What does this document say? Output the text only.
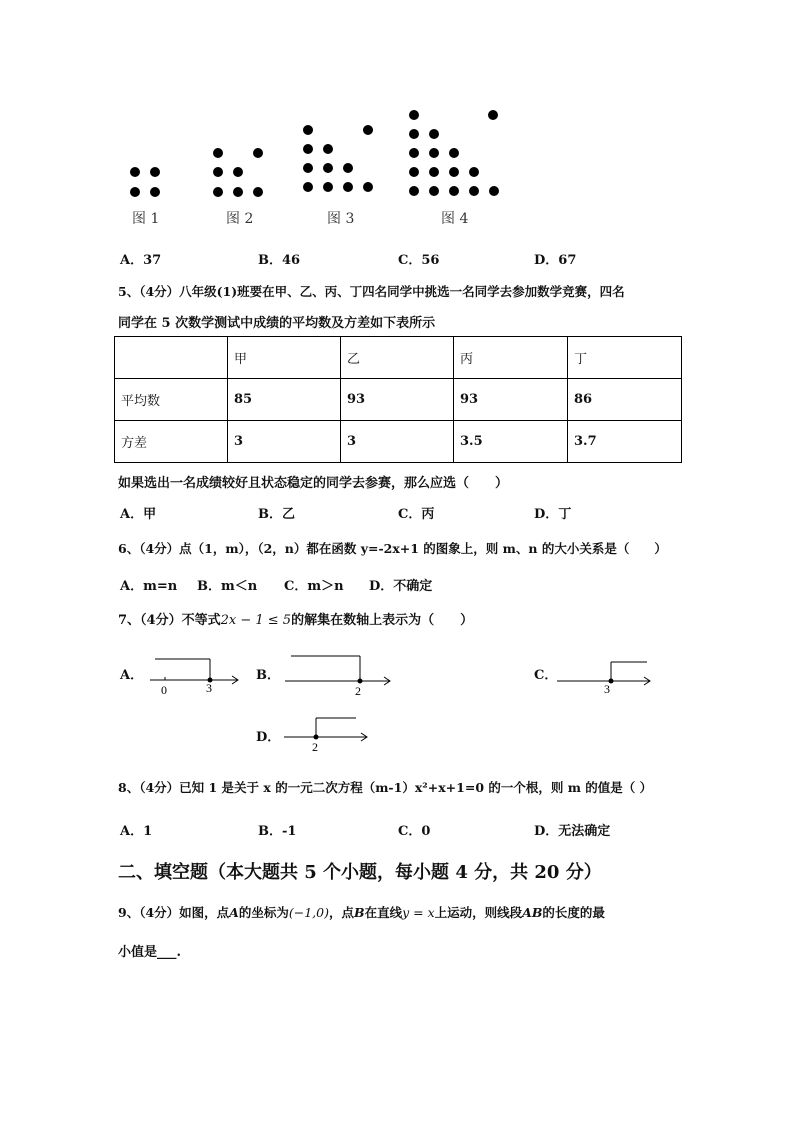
图 1	图 2	图 3	图 4
A．37	B．46	C．56	D．67
5、（4分）八年级(1)班要在甲、乙、丙、丁四名同学中挑选一名同学去参加数学竞赛，四名
同学在 5 次数学测试中成绩的平均数及方差如下表所示
	甲	乙	丙	丁
平均数	85	93	93	86
方差	3	3	3.5	3.7
如果选出一名成绩较好且状态稳定的同学去参赛，那么应选（　　）
A．甲	B．乙	C．丙	D．丁
6、（4分）点（1，m），（2，n）都在函数 y=-2x+1 的图象上，则 m、n 的大小关系是（　　）
A．m=n B．m＜n C．m＞n D．不确定
7、（4分）不等式2x − 1 ≤ 5的解集在数轴上表示为（　　）
A．
0	3
B．
2
C．
3
D．
2
8、（4分）已知 1 是关于 x 的一元二次方程（m-1）x²+x+1=0 的一个根，则 m 的值是（ ）
A．1	B．-1	C．0	D．无法确定
二、填空题（本大题共 5 个小题，每小题 4 分，共 20 分）
9、（4分）如图，点A的坐标为(−1,0)，点B在直线y = x上运动，则线段AB的长度的最
小值是___.
